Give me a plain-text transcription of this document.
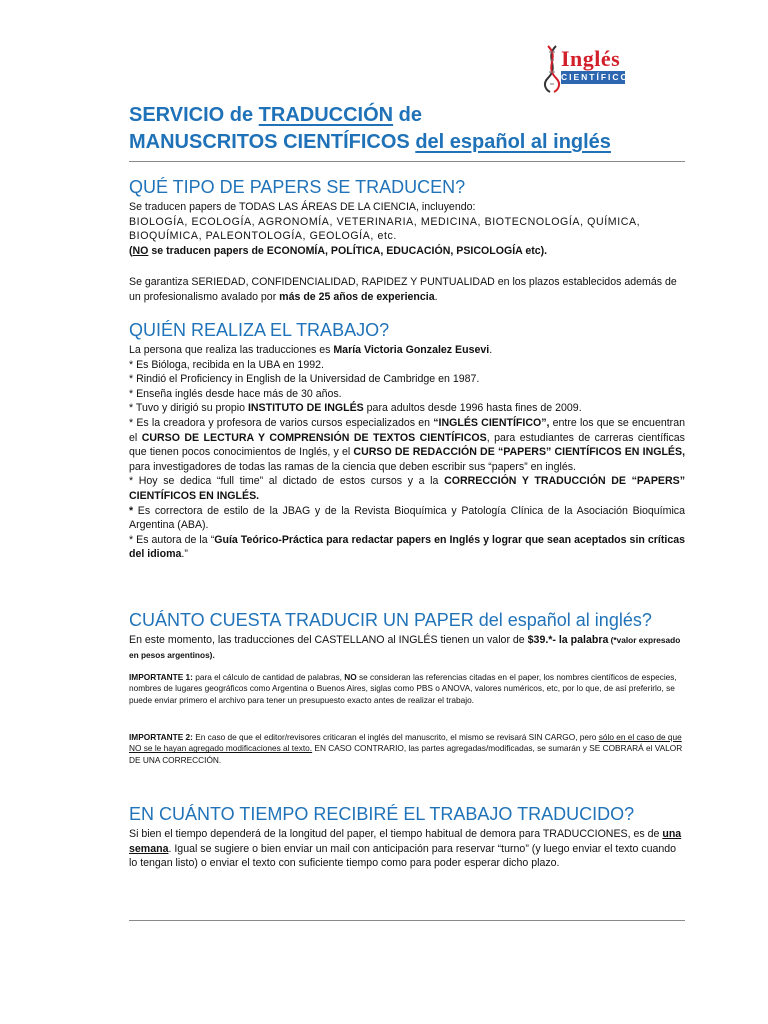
Inglés
CIENTÍFICO
SERVICIO de TRADUCCIÓN de
MANUSCRITOS CIENTÍFICOS del español al inglés
QUÉ TIPO DE PAPERS SE TRADUCEN?

Se traducen papers de TODAS LAS ÁREAS DE LA CIENCIA, incluyendo:

BIOLOGÍA, ECOLOGÍA, AGRONOMÍA, VETERINARIA, MEDICINA, BIOTECNOLOGÍA, QUÍMICA,

BIOQUÍMICA, PALEONTOLOGÍA, GEOLOGÍA, etc.

(NO se traducen papers de ECONOMÍA, POLÍTICA, EDUCACIÓN, PSICOLOGÍA etc).

Se garantiza SERIEDAD, CONFIDENCIALIDAD, RAPIDEZ Y PUNTUALIDAD en los plazos establecidos además de un profesionalismo avalado por más de 25 años de experiencia.

QUIÉN REALIZA EL TRABAJO?

La persona que realiza las traducciones es María Victoria Gonzalez Eusevi.

* Es Bióloga, recibida en la UBA en 1992.

* Rindió el Proficiency in English de la Universidad de Cambridge en 1987.

* Enseña inglés desde hace más de 30 años.

* Tuvo y dirigió su propio INSTITUTO DE INGLÉS para adultos desde 1996 hasta fines de 2009.

* Es la creadora y profesora de varios cursos especializados en “INGLÉS CIENTÍFICO”, entre los que se encuentran el CURSO DE LECTURA Y COMPRENSIÓN DE TEXTOS CIENTÍFICOS, para estudiantes de carreras científicas que tienen pocos conocimientos de Inglés, y el CURSO DE REDACCIÓN DE “PAPERS” CIENTÍFICOS EN INGLÉS, para investigadores de todas las ramas de la ciencia que deben escribir sus “papers” en inglés.

* Hoy se dedica “full time” al dictado de estos cursos y a la CORRECCIÓN Y TRADUCCIÓN DE “PAPERS” CIENTÍFICOS EN INGLÉS.

* Es correctora de estilo de la JBAG y de la Revista Bioquímica y Patología Clínica de la Asociación Bioquímica Argentina (ABA).

* Es autora de la “Guía Teórico-Práctica para redactar papers en Inglés y lograr que sean aceptados sin críticas del idioma.”

CUÁNTO CUESTA TRADUCIR UN PAPER del español al inglés?

En este momento, las traducciones del CASTELLANO al INGLÉS tienen un valor de $39.*- la palabra (*valor expresado en pesos argentinos).

IMPORTANTE 1: para el cálculo de cantidad de palabras, NO se consideran las referencias citadas en el paper, los nombres científicos de especies, nombres de lugares geográficos como Argentina o Buenos Aires, siglas como PBS o ANOVA, valores numéricos, etc, por lo que, de así preferirlo, se puede enviar primero el archivo para tener un presupuesto exacto antes de realizar el trabajo.

IMPORTANTE 2: En caso de que el editor/revisores criticaran el inglés del manuscrito, el mismo se revisará SIN CARGO, pero sólo en el caso de que NO se le hayan agregado modificaciones al texto. EN CASO CONTRARIO, las partes agregadas/modificadas, se sumarán y SE COBRARÁ el VALOR DE UNA CORRECCIÓN.

EN CUÁNTO TIEMPO RECIBIRÉ EL TRABAJO TRADUCIDO?

Si bien el tiempo dependerá de la longitud del paper, el tiempo habitual de demora para TRADUCCIONES, es de una semana. Igual se sugiere o bien enviar un mail con anticipación para reservar “turno” (y luego enviar el texto cuando lo tengan listo) o enviar el texto con suficiente tiempo como para poder esperar dicho plazo.
